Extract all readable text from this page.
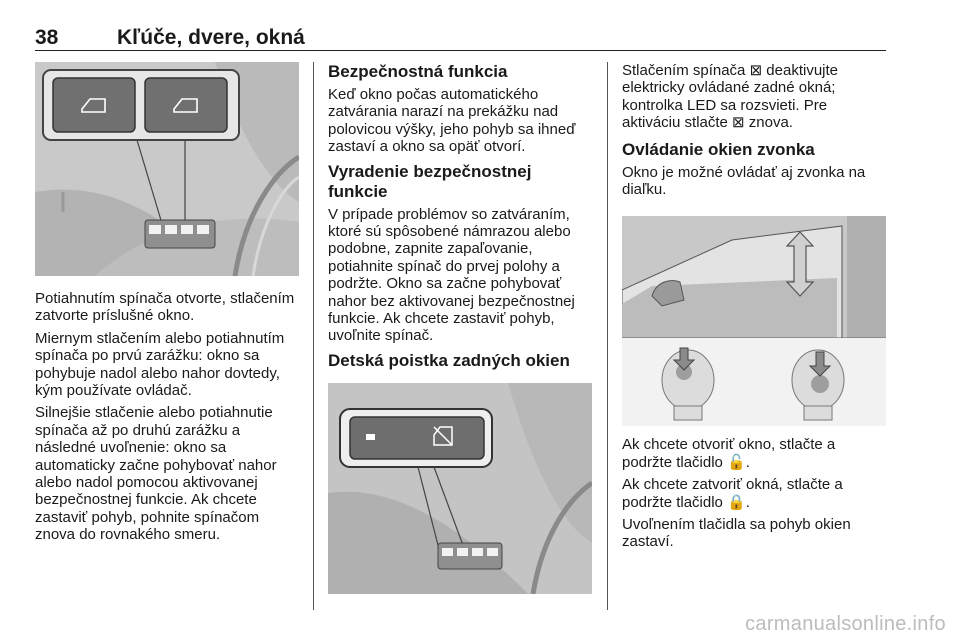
38	Kľúče, dvere, okná

Potiahnutím spínača otvorte, stlačením zatvorte príslušné okno.

Miernym stlačením alebo potiahnutím spínača po prvú zarážku: okno sa pohybuje nadol alebo nahor dovtedy, kým používate ovládač.

Silnejšie stlačenie alebo potiahnutie spínača až po druhú zarážku a následné uvoľnenie: okno sa automaticky začne pohybovať nahor alebo nadol pomocou aktivovanej bezpečnostnej funkcie. Ak chcete zastaviť pohyb, pohnite spínačom znova do rovnakého smeru.

Bezpečnostná funkcia

Keď okno počas automatického zatvárania narazí na prekážku nad polovicou výšky, jeho pohyb sa ihneď zastaví a okno sa opäť otvorí.

Vyradenie bezpečnostnej funkcie

V prípade problémov so zatváraním, ktoré sú spôsobené námrazou alebo podobne, zapnite zapaľovanie, potiahnite spínač do prvej polohy a podržte. Okno sa začne pohybovať nahor bez aktivovanej bezpečnostnej funkcie. Ak chcete zastaviť pohyb, uvoľnite spínač.

Detská poistka zadných okien

Stlačením spínača ⊠ deaktivujte elektricky ovládané zadné okná; kontrolka LED sa rozsvieti. Pre aktiváciu stlačte ⊠ znova.

Ovládanie okien zvonka

Okno je možné ovládať aj zvonka na diaľku.

Ak chcete otvoriť okno, stlačte a podržte tlačidlo 🔓.

Ak chcete zatvoriť okná, stlačte a podržte tlačidlo 🔒.

Uvoľnením tlačidla sa pohyb okien zastaví.

carmanualsonline.info
